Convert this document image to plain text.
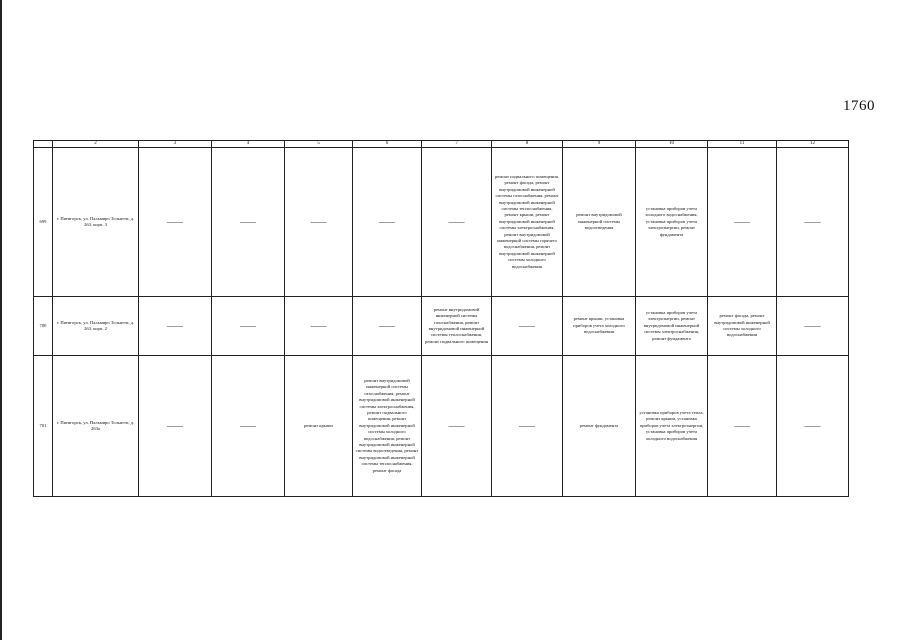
1760
	2	3	4	5	6	7	8	9	10	11	12
699	г. Пятигорск, ул. Пальмиро Тольятти, д. 263, корп. 3	——	——	——	——	——	ремонт подвального помещения, ремонт фасада, ремонт внутридомовой инженерной системы газоснабжения, ремонт внутридомовой инженерной системы теплоснабжения, ремонт крыши, ремонт внутридомовой инженерной системы электроснабжения, ремонт внутридомовой инженерной системы горячего водоснабжения, ремонт внутридомовой инженерной системы холодного водоснабжения	ремонт внутридомовой инженерной системы водоотведения	установка приборов учета холодного водоснабжения, установка приборов учета электроэнергии, ремонт фундамента	——	——
700	г. Пятигорск, ул. Пальмиро Тольятти, д. 263, корп. 2	——	——	——	——	ремонт внутридомовой инженерной системы газоснабжения, ремонт внутридомовой инженерной системы теплоснабжения, ремонт подвального помещения	——	ремонт крыши, установка приборов учета холодного водоснабжения	установка приборов учета электроэнергии, ремонт внутридомовой инженерной системы электроснабжения, ремонт фундамента	ремонт фасада, ремонт внутридомовой инженерной системы холодного водоснабжения	——
701	г. Пятигорск, ул. Пальмиро Тольятти, д. 263а	——	——	ремонт крыши	ремонт внутридомовой инженерной системы газоснабжения, ремонт внутридомовой инженерной системы электроснабжения, ремонт подвального помещения, ремонт внутридомовой инженерной системы холодного водоснабжения, ремонт внутридомовой инженерной системы водоотведения, ремонт внутридомовой инженерной системы теплоснабжения, ремонт фасада	——	——	ремонт фундамента	установка приборов учета тепла, ремонт крыши, установка приборов учета электроэнергии, установка приборов учета холодного водоснабжения	——	——
